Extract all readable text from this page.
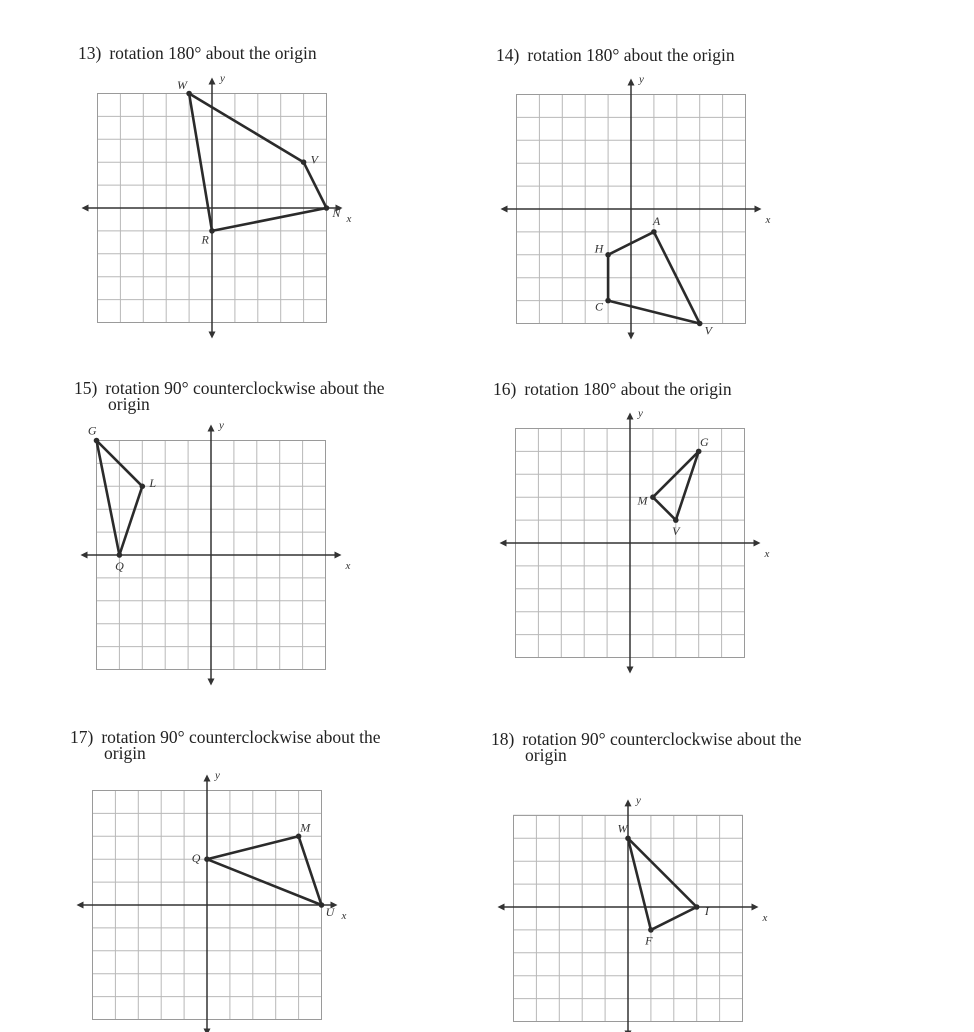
13) rotation 180° about the origin
x
y
W
V
N
R
14) rotation 180° about the origin
x
y
A
V
C
H
15) rotation 90° counterclockwise about the
origin
x
y
G
L
Q
16) rotation 180° about the origin
x
y
G
V
M
17) rotation 90° counterclockwise about the
origin
x
y
M
U
Q
18) rotation 90° counterclockwise about the
origin
x
y
W
I
F
